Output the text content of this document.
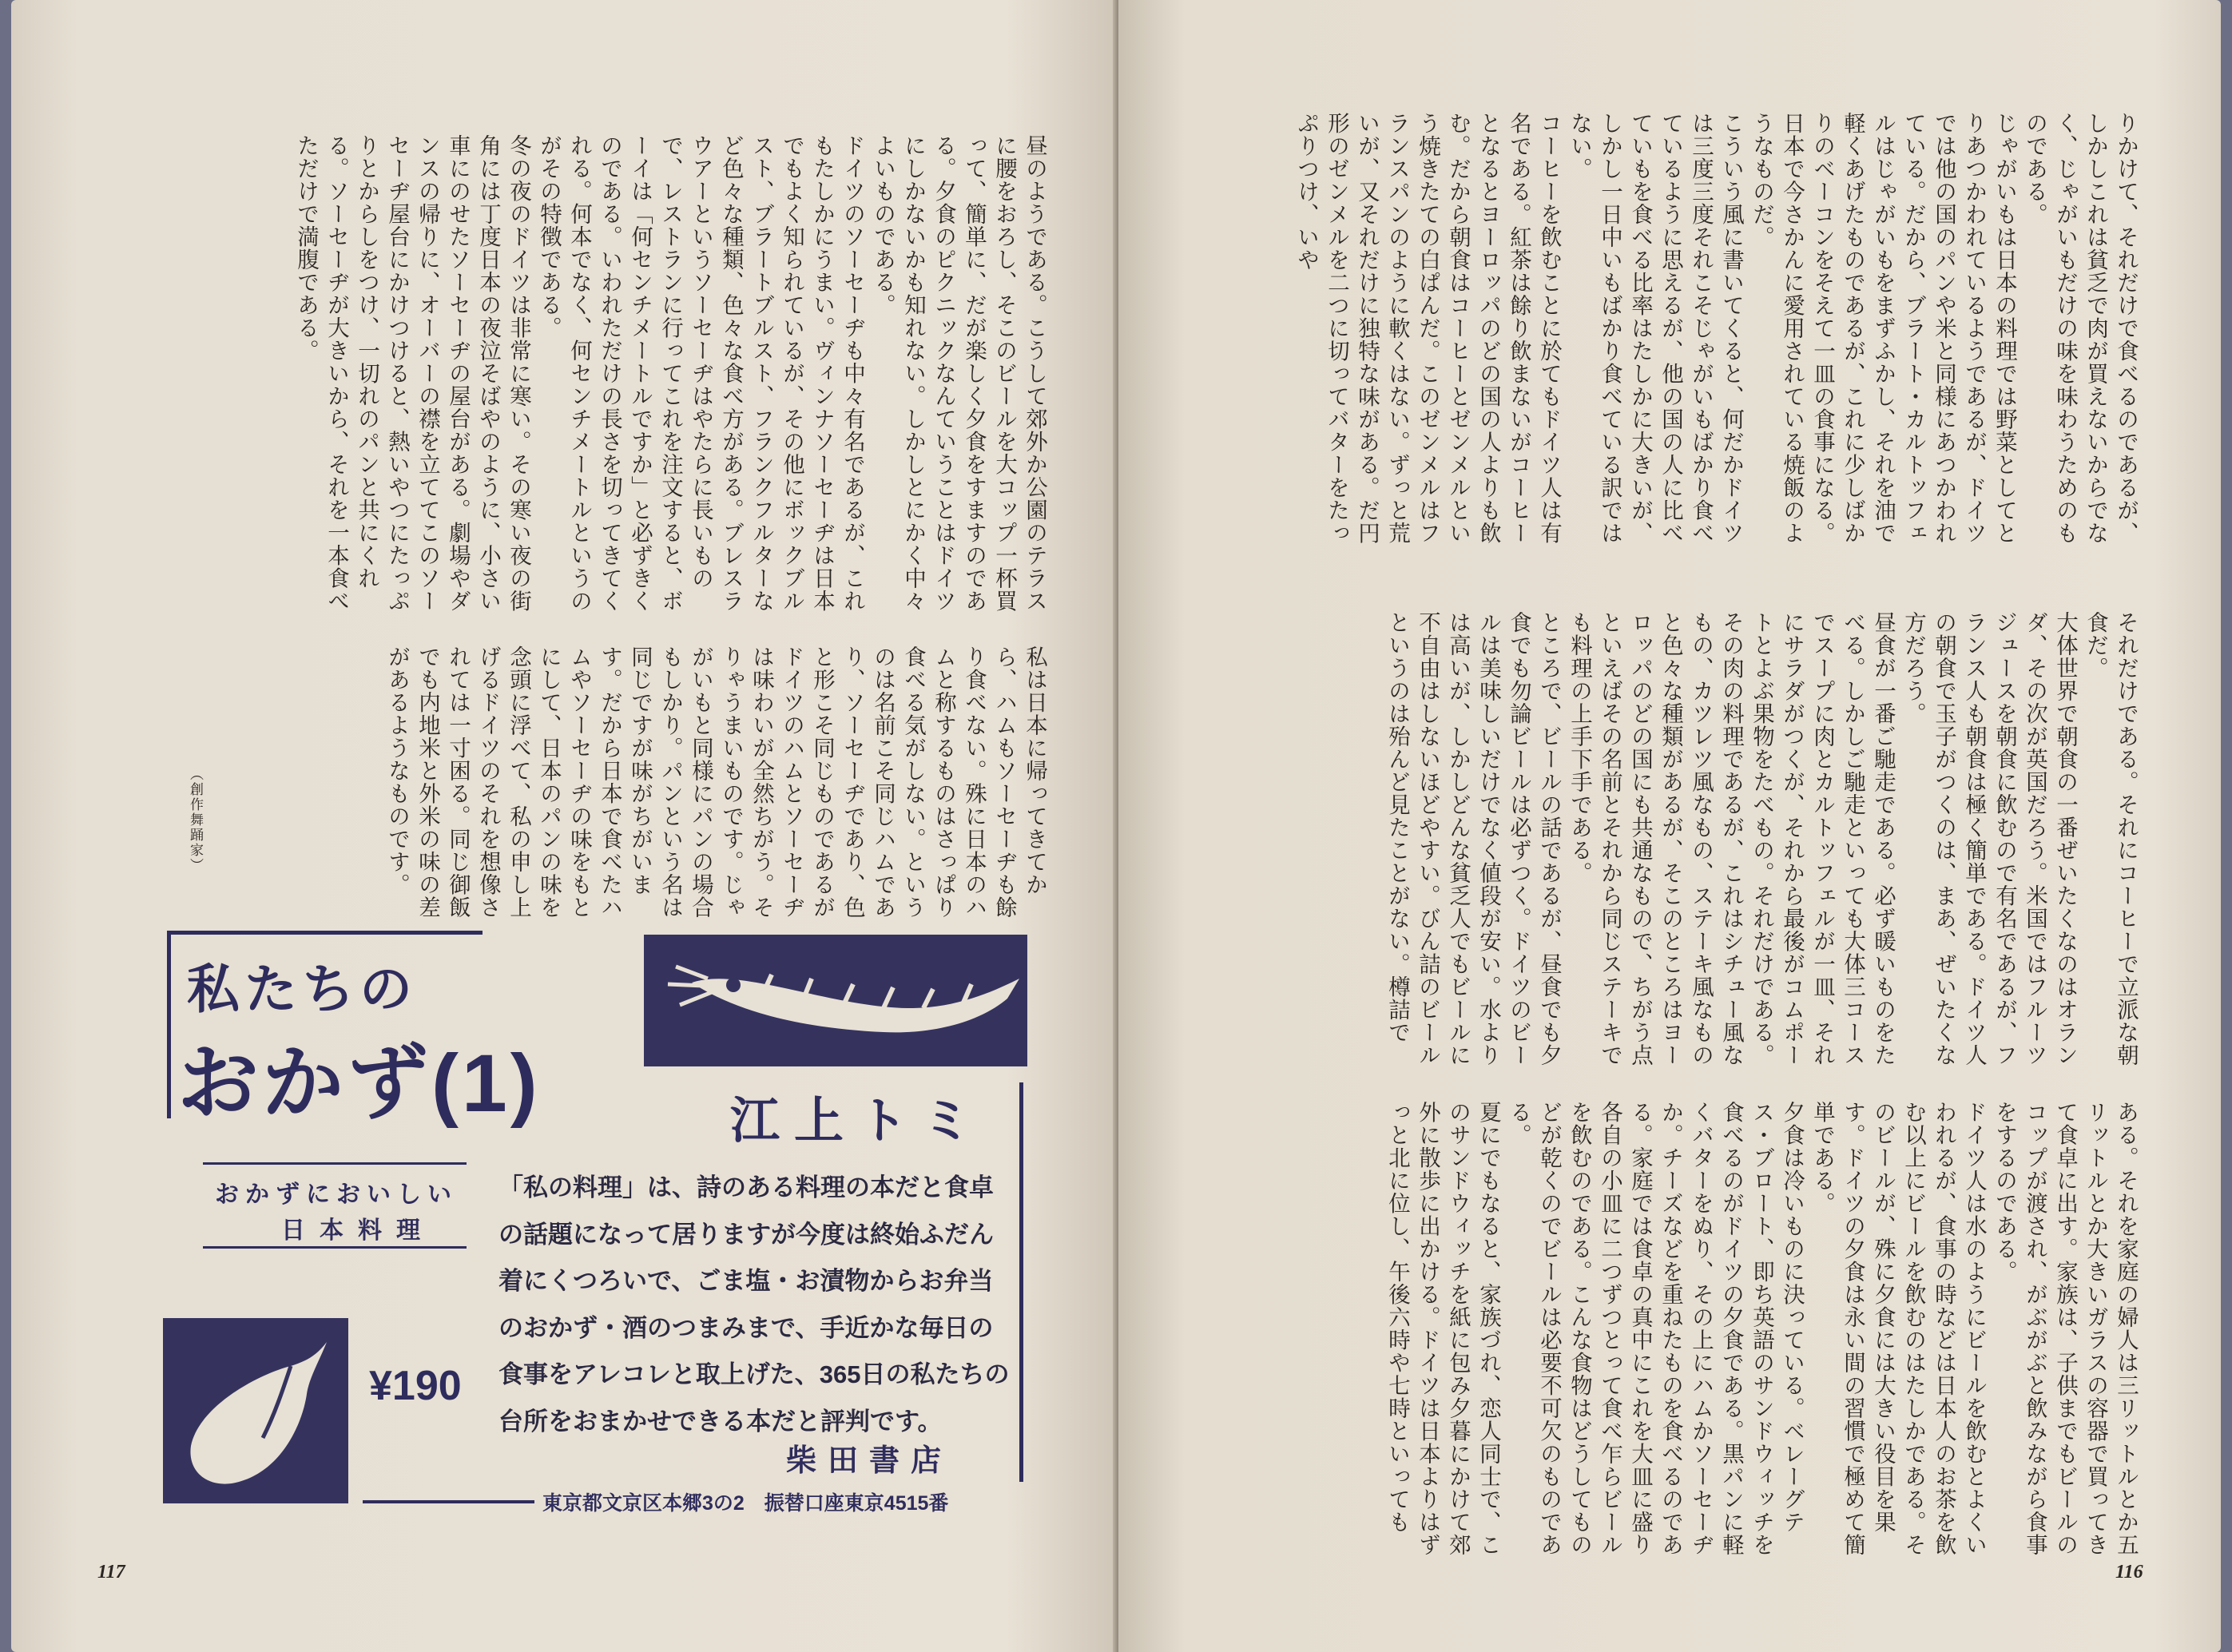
昼のようである。こうして郊外か公園のテラスに腰をおろし、そこのビールを大コップ一杯買って、簡単に、だが楽しく夕食をすますのである。夕食のピクニックなんていうことはドイツにしかないかも知れない。しかしとにかく中々よいものである。
ドイツのソーセーヂも中々有名であるが、これもたしかにうまい。ヴィンナソーセーヂは日本でもよく知られているが、その他にボックブルスト、ブラートブルスト、フランクフルターなど色々な種類、色々な食べ方がある。ブレスラウアーというソーセーヂはやたらに長いもので、レストランに行ってこれを注文すると、ボーイは「何センチメートルですか」と必ずきくのである。いわれただけの長さを切ってきてくれる。何本でなく、何センチメートルというのがその特徴である。
冬の夜のドイツは非常に寒い。その寒い夜の街角には丁度日本の夜泣そばやのように、小さい車にのせたソーセーヂの屋台がある。劇場やダンスの帰りに、オーバーの襟を立ててこのソーセーヂ屋台にかけつけると、熱いやつにたっぷりとからしをつけ、一切れのパンと共にくれる。ソーセーヂが大きいから、それを一本食べただけで満腹である。
私は日本に帰ってきてから、ハムもソーセーヂも餘り食べない。殊に日本のハムと称するものはさっぱり食べる気がしない。というのは名前こそ同じハムであり、ソーセーヂであり、色と形こそ同じものであるがドイツのハムとソーセーヂは味わいが全然ちがう。そりゃうまいものです。じゃがいもと同様にパンの場合もしかり。パンという名は同じですが味がちがいます。だから日本で食べたハムやソーセーヂの味をもとにして、日本のパンの味を念頭に浮べて、私の申し上げるドイツのそれを想像されては一寸困る。同じ御飯でも内地米と外米の味の差があるようなものです。
（創作舞踊家）
私たちの
おかず(1)	江上トミ
おかずにおいしい
日本料理
「私の料理」は、詩のある料理の本だと食卓
の話題になって居りますが今度は終始ふだん
着にくつろいで、ごま塩・お漬物からお弁当
のおかず・酒のつまみまで、手近かな毎日の
食事をアレコレと取上げた、365日の私たちの
台所をおまかせできる本だと評判です。
¥190
柴田書店
東京都文京区本郷3の2　振替口座東京4515番
117
りかけて、それだけで食べるのであるが、しかしこれは貧乏で肉が買えないからでなく、じゃがいもだけの味を味わうためのものである。
じゃがいもは日本の料理では野菜としてとりあつかわれているようであるが、ドイツでは他の国のパンや米と同様にあつかわれている。だから、ブラート・カルトッフェルはじゃがいもをまずふかし、それを油で軽くあげたものであるが、これに少しばかりのベーコンをそえて一皿の食事になる。日本で今さかんに愛用されている焼飯のようなものだ。
こういう風に書いてくると、何だかドイツは三度三度それこそじゃがいもばかり食べているように思えるが、他の国の人に比べていもを食べる比率はたしかに大きいが、しかし一日中いもばかり食べている訳ではない。
コーヒーを飲むことに於てもドイツ人は有名である。紅茶は餘り飲まないがコーヒーとなるとヨーロッパのどの国の人よりも飲む。だから朝食はコーヒーとゼンメルという焼きたての白ぱんだ。このゼンメルはフランスパンのように軟くはない。ずっと荒いが、又それだけに独特な味がある。だ円形のゼンメルを二つに切ってバターをたっぷりつけ、いや
それだけである。それにコーヒーで立派な朝食だ。
大体世界で朝食の一番ぜいたくなのはオランダ、その次が英国だろう。米国ではフルーツジュースを朝食に飲むので有名であるが、フランス人も朝食は極く簡単である。ドイツ人の朝食で玉子がつくのは、まあ、ぜいたくな方だろう。
昼食が一番ご馳走である。必ず暖いものをたべる。しかしご馳走といっても大体三コースでスープに肉とカルトッフェルが一皿、それにサラダがつくが、それから最後がコムポートとよぶ果物をたべもの。それだけである。その肉の料理であるが、これはシチュー風なもの、カツレツ風なもの、ステーキ風なものと色々な種類があるが、そこのところはヨーロッパのどの国にも共通なもので、ちがう点といえばその名前とそれから同じステーキでも料理の上手下手である。
ところで、ビールの話であるが、昼食でも夕食でも勿論ビールは必ずつく。ドイツのビールは美味しいだけでなく値段が安い。水よりは高いが、しかしどんな貧乏人でもビールに不自由はしないほどやすい。びん詰のビールというのは殆んど見たことがない。樽詰で
ある。それを家庭の婦人は三リットルとか五リットルとか大きいガラスの容器で買ってきて食卓に出す。家族は、子供までもビールのコップが渡され、がぶがぶと飲みながら食事をするのである。
ドイツ人は水のようにビールを飲むとよくいわれるが、食事の時などは日本人のお茶を飲む以上にビールを飲むのはたしかである。そのビールが、殊に夕食には大きい役目を果す。ドイツの夕食は永い間の習慣で極めて簡単である。
夕食は冷いものに決っている。ベレーグテス・ブロート、即ち英語のサンドウィッチを食べるのがドイツの夕食である。黒パンに軽くバターをぬり、その上にハムかソーセーヂか。チーズなどを重ねたものを食べるのである。家庭では食卓の真中にこれを大皿に盛り各自の小皿に二つずつとって食べ乍らビールを飲むのである。こんな食物はどうしてものどが乾くのでビールは必要不可欠のものである。
夏にでもなると、家族づれ、恋人同士で、このサンドウィッチを紙に包み夕暮にかけて郊外に散歩に出かける。ドイツは日本よりはずっと北に位し、午後六時や七時といっても
116
